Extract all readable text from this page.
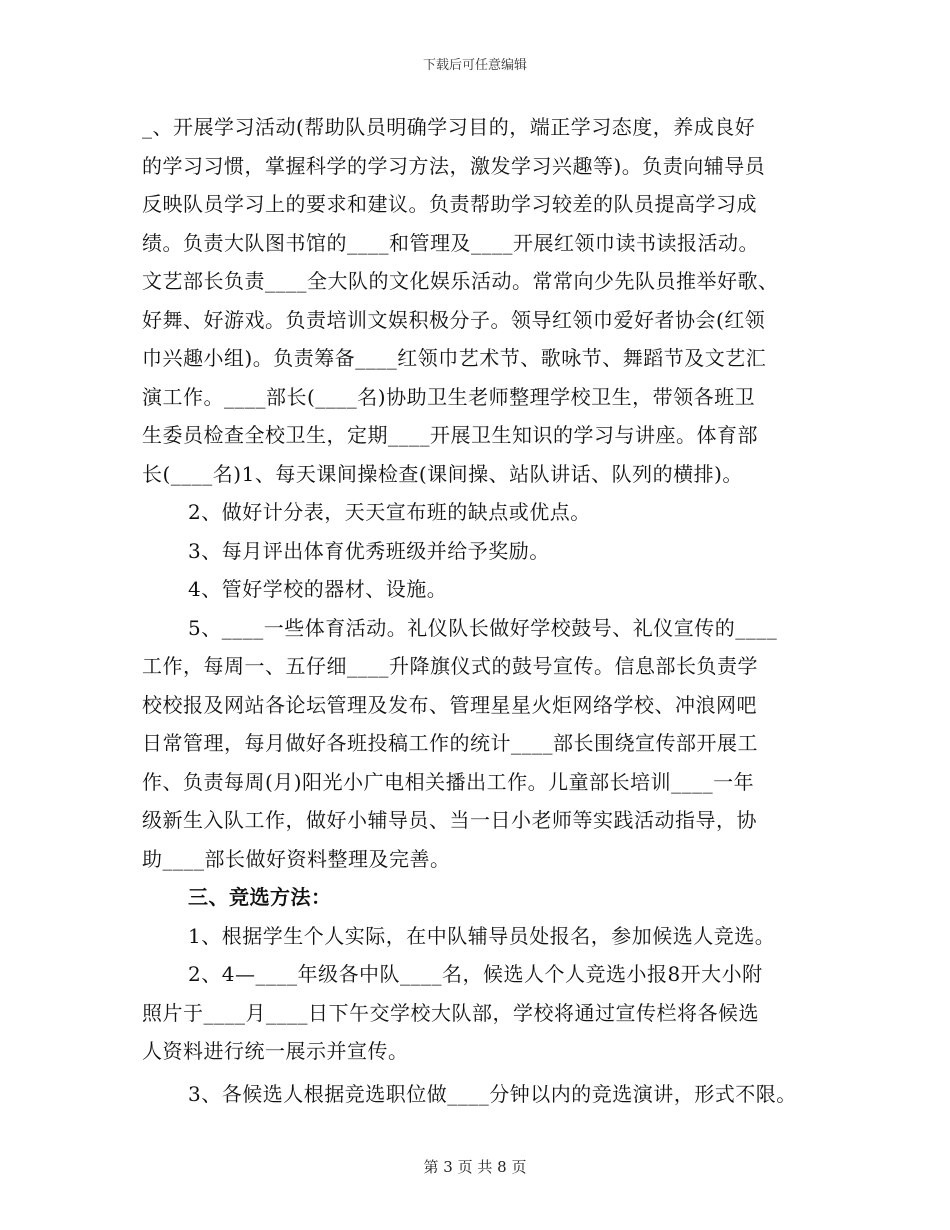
下载后可任意编辑

_、开展学习活动(帮助队员明确学习目的，端正学习态度，养成良好

的学习习惯，掌握科学的学习方法，激发学习兴趣等)。负责向辅导员

反映队员学习上的要求和建议。负责帮助学习较差的队员提高学习成

绩。负责大队图书馆的____和管理及____开展红领巾读书读报活动。

文艺部长负责____全大队的文化娱乐活动。常常向少先队员推举好歌、

好舞、好游戏。负责培训文娱积极分子。领导红领巾爱好者协会(红领

巾兴趣小组)。负责筹备____红领巾艺术节、歌咏节、舞蹈节及文艺汇

演工作。____部长(____名)协助卫生老师整理学校卫生，带领各班卫

生委员检查全校卫生，定期____开展卫生知识的学习与讲座。体育部

长(____名)1、每天课间操检查(课间操、站队讲话、队列的横排)。

2、做好计分表，天天宣布班的缺点或优点。

3、每月评出体育优秀班级并给予奖励。

4、管好学校的器材、设施。

5、____一些体育活动。礼仪队长做好学校鼓号、礼仪宣传的____

工作，每周一、五仔细____升降旗仪式的鼓号宣传。信息部长负责学

校校报及网站各论坛管理及发布、管理星星火炬网络学校、冲浪网吧

日常管理，每月做好各班投稿工作的统计____部长围绕宣传部开展工

作、负责每周(月)阳光小广电相关播出工作。儿童部长培训____一年

级新生入队工作，做好小辅导员、当一日小老师等实践活动指导，协

助____部长做好资料整理及完善。

三、竞选方法：

1、根据学生个人实际，在中队辅导员处报名，参加候选人竞选。

2、4—____年级各中队____名，候选人个人竞选小报8开大小附

照片于____月____日下午交学校大队部，学校将通过宣传栏将各候选

人资料进行统一展示并宣传。

3、各候选人根据竞选职位做____分钟以内的竞选演讲，形式不限。

第 3 页 共 8 页
